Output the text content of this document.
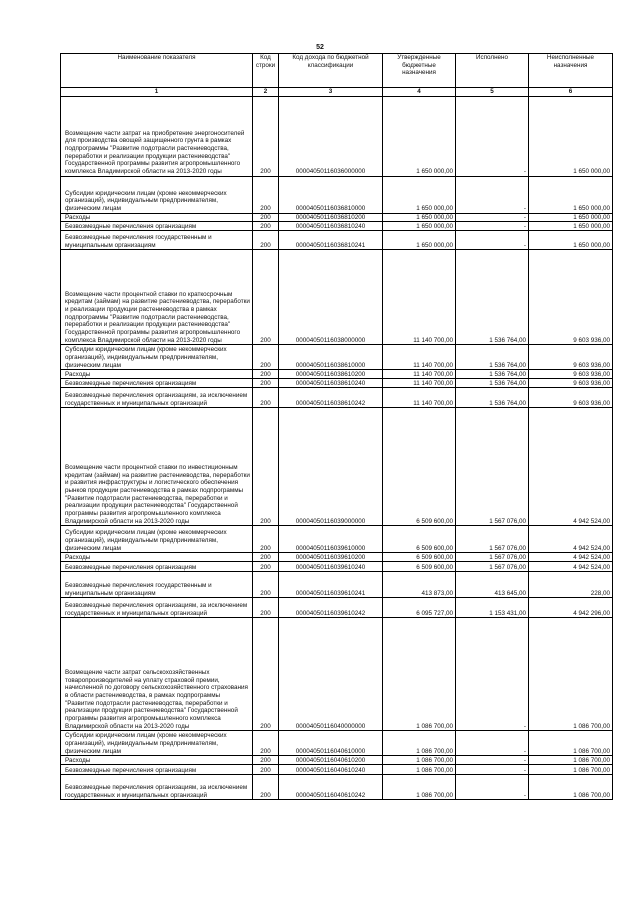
52
Наименование показателя	Код строки	Код дохода по бюджетной классификации	Утвержденные бюджетные назначения	Исполнено	Неисполненные назначения
1	2	3	4	5	6
Возмещение части затрат на приобретение энергоносителей для производства овощей защищенного грунта в рамках подпрограммы "Развитие подотрасли растениеводства, переработки и реализации продукции растениеводства" Государственной программы развития агропромышленного комплекса Владимирской области на 2013-2020 годы	200	00004050116036000000	1 650 000,00	-	1 650 000,00
Субсидии юридическим лицам (кроме некоммерческих организаций), индивидуальным предпринимателям, физическим лицам	200	00004050116036810000	1 650 000,00	-	1 650 000,00
Расходы	200	00004050116036810200	1 650 000,00	-	1 650 000,00
Безвозмездные перечисления организациям	200	00004050116036810240	1 650 000,00	-	1 650 000,00
Безвозмездные перечисления государственным и муниципальным организациям	200	00004050116036810241	1 650 000,00	-	1 650 000,00
Возмещение части процентной ставки по краткосрочным кредитам (займам) на развитие растениеводства, переработки и реализации продукции растениеводства в рамках подпрограммы "Развитие подотрасли растениеводства, переработки и реализации продукции растениеводства" Государственной программы развития агропромышленного комплекса Владимирской области на 2013-2020 годы	200	00004050116038000000	11 140 700,00	1 536 764,00	9 603 936,00
Субсидии юридическим лицам (кроме некоммерческих организаций), индивидуальным предпринимателям, физическим лицам	200	00004050116038610000	11 140 700,00	1 536 764,00	9 603 936,00
Расходы	200	00004050116038610200	11 140 700,00	1 536 764,00	9 603 936,00
Безвозмездные перечисления организациям	200	00004050116038610240	11 140 700,00	1 536 764,00	9 603 936,00
Безвозмездные перечисления организациям, за исключением государственных и муниципальных организаций	200	00004050116038610242	11 140 700,00	1 536 764,00	9 603 936,00
Возмещение части процентной ставки по инвестиционным кредитам (займам) на развитие растениеводства, переработки и развития инфраструктуры и логистического обеспечения рынков продукции растениеводства в рамках подпрограммы "Развитие подотрасли растениеводства, переработки и реализации продукции растениеводства" Государственной программы развития агропромышленного комплекса Владимирской области на 2013-2020 годы	200	00004050116039000000	6 509 600,00	1 567 076,00	4 942 524,00
Субсидии юридическим лицам (кроме некоммерческих организаций), индивидуальным предпринимателям, физическим лицам	200	00004050116039610000	6 509 600,00	1 567 076,00	4 942 524,00
Расходы	200	00004050116039610200	6 509 600,00	1 567 076,00	4 942 524,00
Безвозмездные перечисления организациям	200	00004050116039610240	6 509 600,00	1 567 076,00	4 942 524,00
Безвозмездные перечисления государственным и муниципальным организациям	200	00004050116039610241	413 873,00	413 645,00	228,00
Безвозмездные перечисления организациям, за исключением государственных и муниципальных организаций	200	00004050116039610242	6 095 727,00	1 153 431,00	4 942 296,00
Возмещение части затрат сельскохозяйственных товаропроизводителей на уплату страховой премии, начисленной по договору сельскохозяйственного страхования в области растениеводства, в рамках подпрограммы "Развитие подотрасли растениеводства, переработки и реализации продукции растениеводства" Государственной программы развития агропромышленного комплекса Владимирской области на 2013-2020 годы	200	00004050116040000000	1 086 700,00	-	1 086 700,00
Субсидии юридическим лицам (кроме некоммерческих организаций), индивидуальным предпринимателям, физическим лицам	200	00004050116040610000	1 086 700,00	-	1 086 700,00
Расходы	200	00004050116040610200	1 086 700,00	-	1 086 700,00
Безвозмездные перечисления организациям	200	00004050116040610240	1 086 700,00	-	1 086 700,00
Безвозмездные перечисления организациям, за исключением государственных и муниципальных организаций	200	00004050116040610242	1 086 700,00	-	1 086 700,00
